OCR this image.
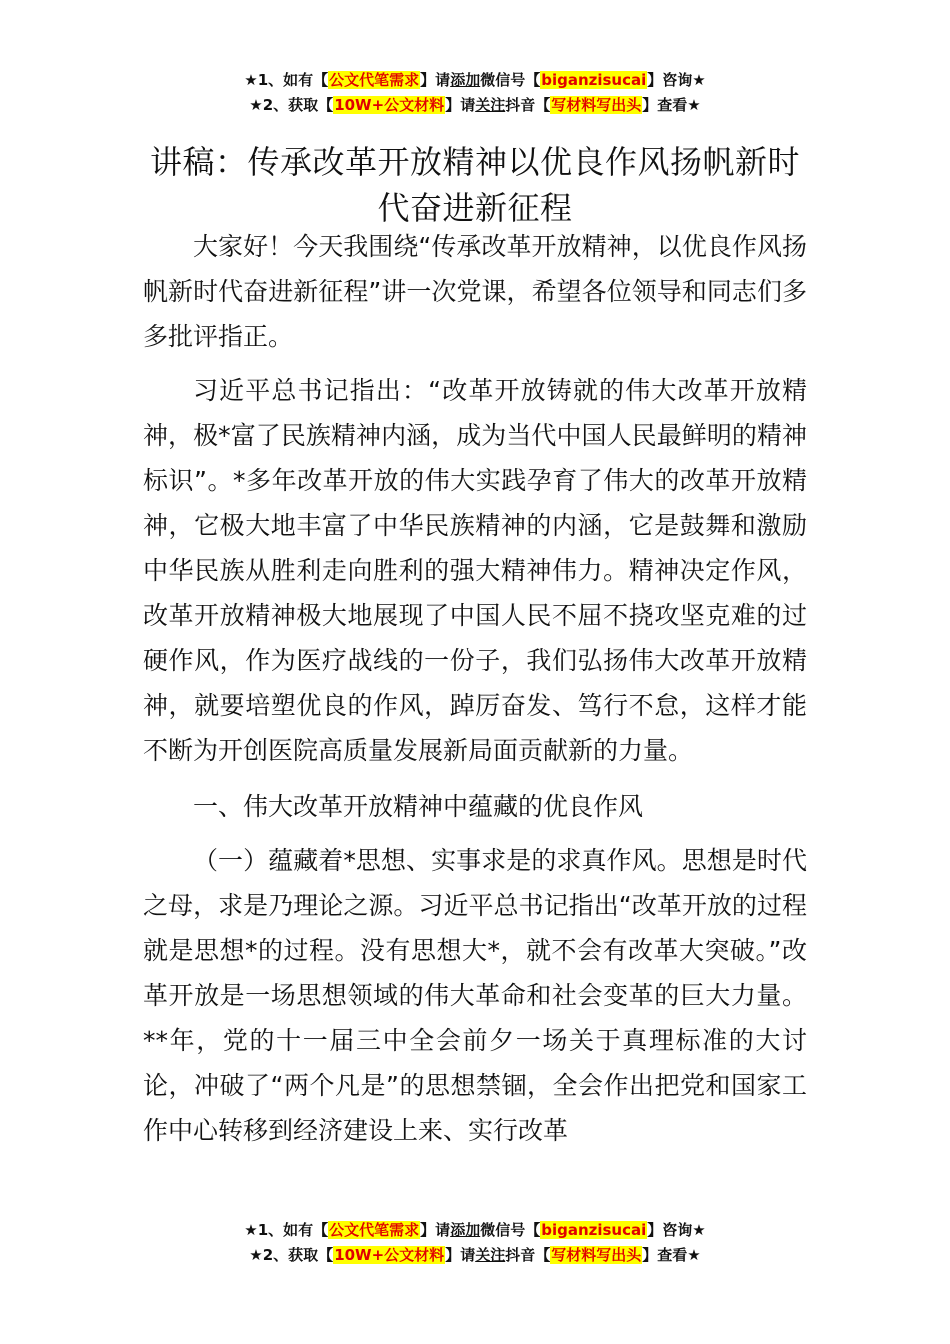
★1、如有【公文代笔需求】请添加微信号【biganzisucai】咨询★
★2、获取【10W+公文材料】请关注抖音【写材料写出头】查看★
讲稿：传承改革开放精神以优良作风扬帆新时代奋进新征程

大家好！今天我围绕“传承改革开放精神，以优良作风扬帆新时代奋进新征程”讲一次党课，希望各位领导和同志们多多批评指正。

习近平总书记指出：“改革开放铸就的伟大改革开放精神，极*富了民族精神内涵，成为当代中国人民最鲜明的精神标识”。*多年改革开放的伟大实践孕育了伟大的改革开放精神，它极大地丰富了中华民族精神的内涵，它是鼓舞和激励中华民族从胜利走向胜利的强大精神伟力。精神决定作风，改革开放精神极大地展现了中国人民不屈不挠攻坚克难的过硬作风，作为医疗战线的一份子，我们弘扬伟大改革开放精神，就要培塑优良的作风，踔厉奋发、笃行不怠，这样才能不断为开创医院高质量发展新局面贡献新的力量。

一、伟大改革开放精神中蕴藏的优良作风

（一）蕴藏着*思想、实事求是的求真作风。思想是时代之母，求是乃理论之源。习近平总书记指出“改革开放的过程就是思想*的过程。没有思想大*，就不会有改革大突破。”改革开放是一场思想领域的伟大革命和社会变革的巨大力量。**年，党的十一届三中全会前夕一场关于真理标准的大讨论，冲破了“两个凡是”的思想禁锢，全会作出把党和国家工作中心转移到经济建设上来、实行改革

★1、如有【公文代笔需求】请添加微信号【biganzisucai】咨询★
★2、获取【10W+公文材料】请关注抖音【写材料写出头】查看★
